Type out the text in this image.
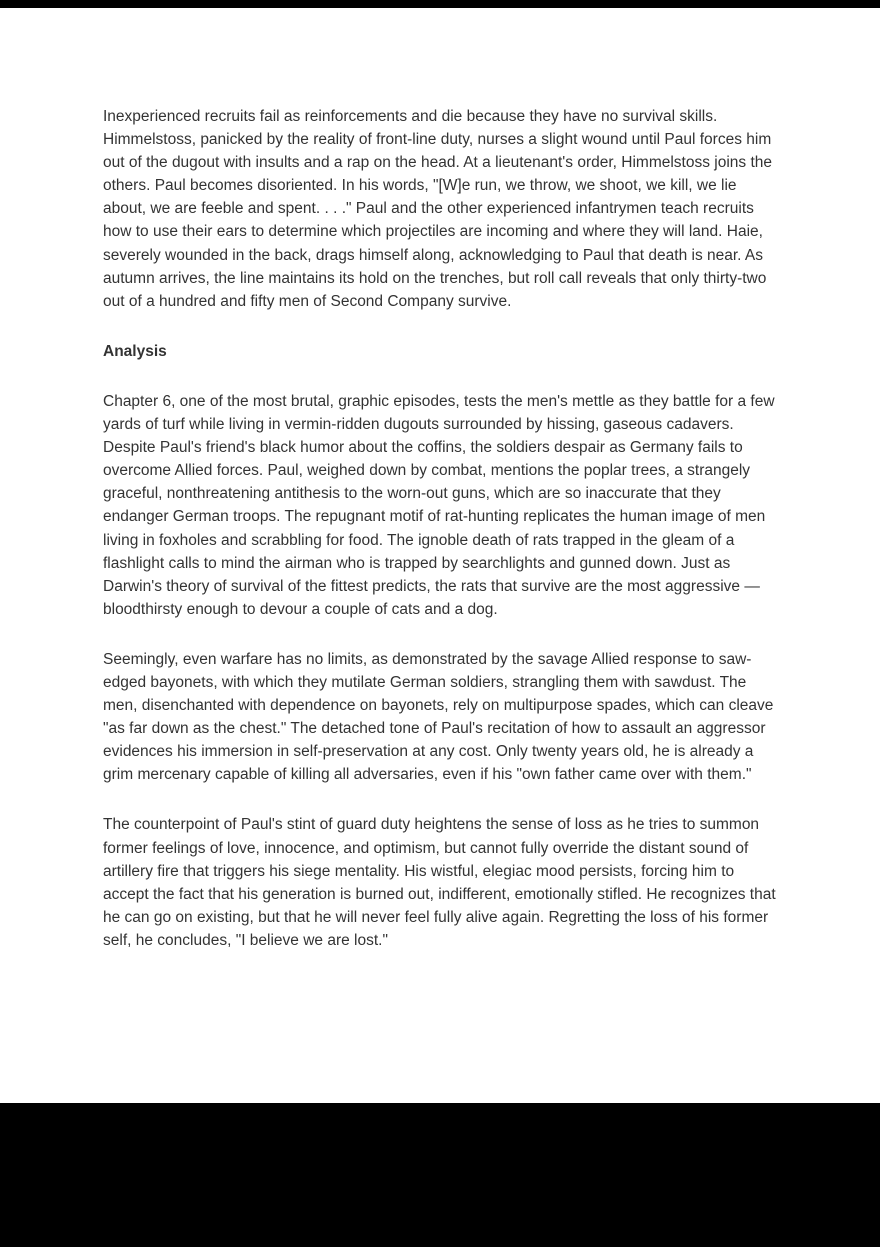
Inexperienced recruits fail as reinforcements and die because they have no survival skills. Himmelstoss, panicked by the reality of front-line duty, nurses a slight wound until Paul forces him out of the dugout with insults and a rap on the head. At a lieutenant's order, Himmelstoss joins the others. Paul becomes disoriented. In his words, "[W]e run, we throw, we shoot, we kill, we lie about, we are feeble and spent. . . ." Paul and the other experienced infantrymen teach recruits how to use their ears to determine which projectiles are incoming and where they will land. Haie, severely wounded in the back, drags himself along, acknowledging to Paul that death is near. As autumn arrives, the line maintains its hold on the trenches, but roll call reveals that only thirty-two out of a hundred and fifty men of Second Company survive.

Analysis

Chapter 6, one of the most brutal, graphic episodes, tests the men's mettle as they battle for a few yards of turf while living in vermin-ridden dugouts surrounded by hissing, gaseous cadavers. Despite Paul's friend's black humor about the coffins, the soldiers despair as Germany fails to overcome Allied forces. Paul, weighed down by combat, mentions the poplar trees, a strangely graceful, nonthreatening antithesis to the worn-out guns, which are so inaccurate that they endanger German troops. The repugnant motif of rat-hunting replicates the human image of men living in foxholes and scrabbling for food. The ignoble death of rats trapped in the gleam of a flashlight calls to mind the airman who is trapped by searchlights and gunned down. Just as Darwin's theory of survival of the fittest predicts, the rats that survive are the most aggressive — bloodthirsty enough to devour a couple of cats and a dog.

Seemingly, even warfare has no limits, as demonstrated by the savage Allied response to saw-edged bayonets, with which they mutilate German soldiers, strangling them with sawdust. The men, disenchanted with dependence on bayonets, rely on multipurpose spades, which can cleave "as far down as the chest." The detached tone of Paul's recitation of how to assault an aggressor evidences his immersion in self-preservation at any cost. Only twenty years old, he is already a grim mercenary capable of killing all adversaries, even if his "own father came over with them."

The counterpoint of Paul's stint of guard duty heightens the sense of loss as he tries to summon former feelings of love, innocence, and optimism, but cannot fully override the distant sound of artillery fire that triggers his siege mentality. His wistful, elegiac mood persists, forcing him to accept the fact that his generation is burned out, indifferent, emotionally stifled. He recognizes that he can go on existing, but that he will never feel fully alive again. Regretting the loss of his former self, he concludes, "I believe we are lost."
